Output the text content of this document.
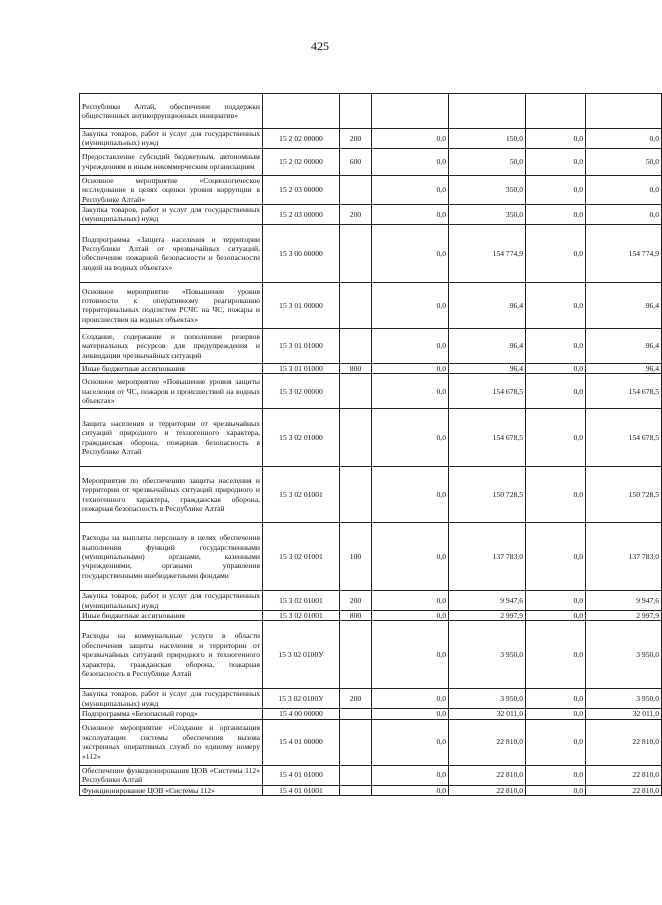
425
Республики Алтай, обеспечение поддержки общественных антикоррупционных инициатив»						
Закупка товаров, работ и услуг для государственных (муниципальных) нужд	15 2 02 00000	200	0,0	150,0	0,0	0,0
Предоставление субсидий бюджетным, автономным учреждениям и иным некоммерческим организациям	15 2 02 00000	600	0,0	50,0	0,0	50,0
Основное мероприятие «Социологическое исследование в целях оценки уровня коррупции в Республике Алтай»	15 2 03 00000		0,0	350,0	0,0	0,0
Закупка товаров, работ и услуг для государственных (муниципальных) нужд	15 2 03 00000	200	0,0	350,0	0,0	0,0
Подпрограмма «Защита населения и территории Республики Алтай от чрезвычайных ситуаций, обеспечение пожарной безопасности и безопасности людей на водных объектах»	15 3 00 00000		0,0	154 774,9	0,0	154 774,9
Основное мероприятие «Повышение уровня готовности к оперативному реагированию территориальных подсистем РСЧС на ЧС, пожары и происшествия на водных объектах»	15 3 01 00000		0,0	96,4	0,0	96,4
Создание, содержание и пополнение резервов материальных ресурсов для предупреждения и ликвидации чрезвычайных ситуаций	15 3 01 01000		0,0	96,4	0,0	96,4
Иные бюджетные ассигнования	15 3 01 01000	800	0,0	96,4	0,0	96,4
Основное мероприятие «Повышение уровня защиты населения от ЧС, пожаров и происшествий на водных объектах»	15 3 02 00000		0,0	154 678,5	0,0	154 678,5
Защита населения и территории от чрезвычайных ситуаций природного и техногенного характера, гражданская оборона, пожарная безопасность в Республике Алтай	15 3 02 01000		0,0	154 678,5	0,0	154 678,5
Мероприятия по обеспечению защиты населения и территории от чрезвычайных ситуаций природного и техногенного характера, гражданская оборона, пожарная безопасность в Республике Алтай	15 3 02 01001		0,0	150 728,5	0,0	150 728,5
Расходы на выплаты персоналу в целях обеспечения выполнения функций государственными (муниципальными) органами, казенными учреждениями, органами управления государственными внебюджетными фондами	15 3 02 01001	100	0,0	137 783,0	0,0	137 783,0
Закупка товаров, работ и услуг для государственных (муниципальных) нужд	15 3 02 01001	200	0,0	9 947,6	0,0	9 947,6
Иные бюджетные ассигнования	15 3 02 01001	800	0,0	2 997,9	0,0	2 997,9
Расходы на коммунальные услуги в области обеспечения защиты населения и территории от чрезвычайных ситуаций природного и техногенного характера, гражданская оборона, пожарная безопасность в Республике Алтай	15 3 02 0100У		0,0	3 950,0	0,0	3 950,0
Закупка товаров, работ и услуг для государственных (муниципальных) нужд	15 3 02 0100У	200	0,0	3 950,0	0,0	3 950,0
Подпрограмма «Безопасный город»	15 4 00 00000		0,0	32 011,0	0,0	32 011,0
Основное мероприятие «Создание и организация эксплуатации системы обеспечения вызова экстренных оперативных служб по единому номеру «112»	15 4 01 00000		0,0	22 810,0	0,0	22 810,0
Обеспечение функционирования ЦОВ «Системы 112» Республики Алтай	15 4 01 01000		0,0	22 810,0	0,0	22 810,0
Функционирование ЦОВ «Системы 112»	15 4 01 01001		0,0	22 810,0	0,0	22 810,0
